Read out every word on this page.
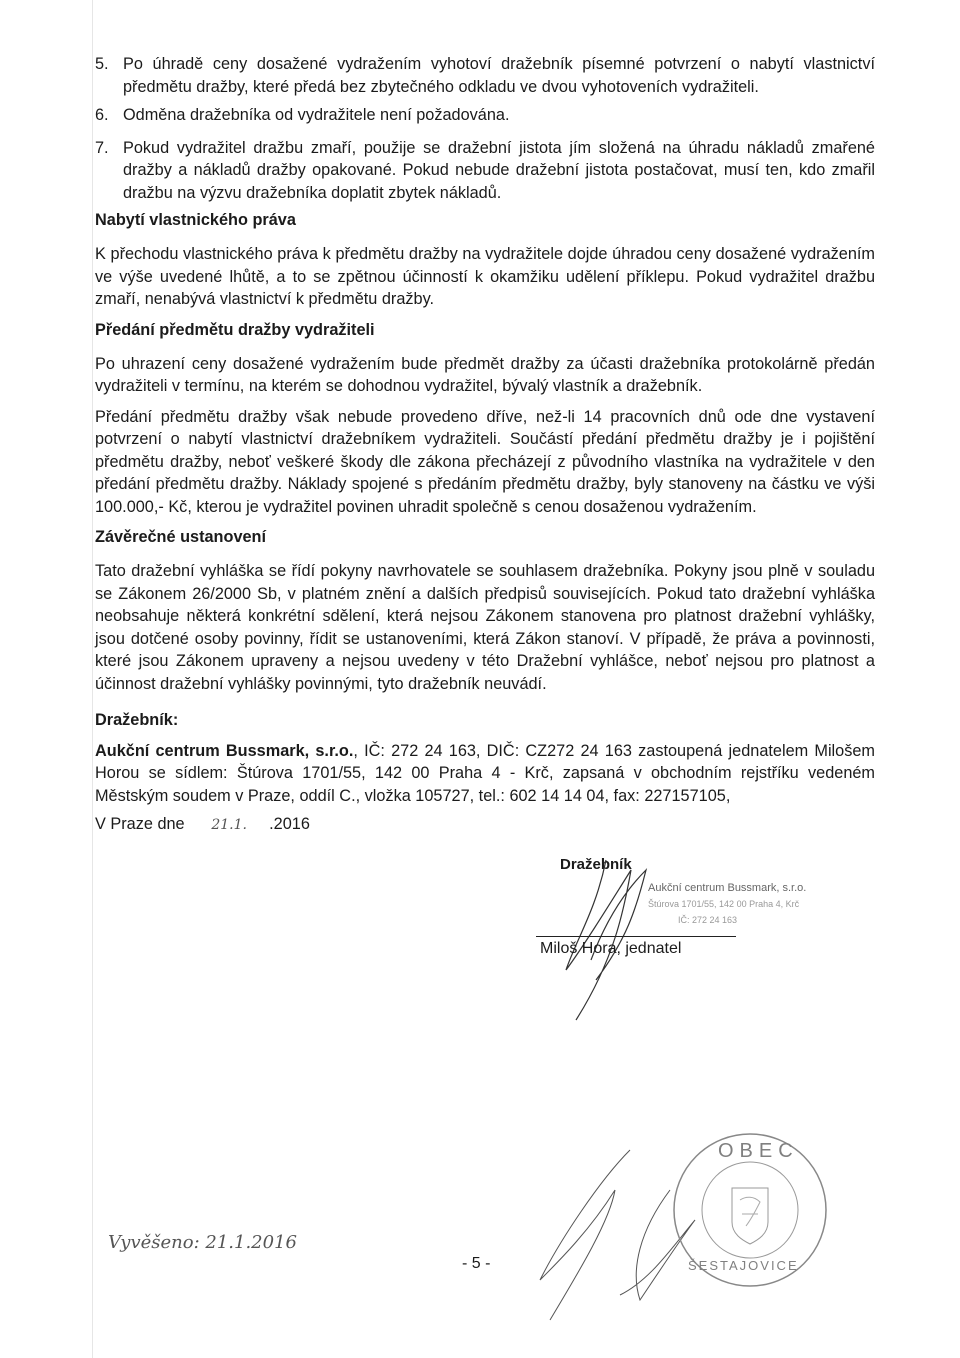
5. Po úhradě ceny dosažené vydražením vyhotoví dražebník písemné potvrzení o nabytí vlastnictví předmětu dražby, které předá bez zbytečného odkladu ve dvou vyhotoveních vydražiteli.
6. Odměna dražebníka od vydražitele není požadována.
7. Pokud vydražitel dražbu zmaří, použije se dražební jistota jím složená na úhradu nákladů zmařené dražby a nákladů dražby opakované. Pokud nebude dražební jistota postačovat, musí ten, kdo zmařil dražbu na výzvu dražebníka doplatit zbytek nákladů.
Nabytí vlastnického práva

K přechodu vlastnického práva k předmětu dražby na vydražitele dojde úhradou ceny dosažené vydražením ve výše uvedené lhůtě, a to se zpětnou účinností k okamžiku udělení příklepu. Pokud vydražitel dražbu zmaří, nenabývá vlastnictví k předmětu dražby.

Předání předmětu dražby vydražiteli

Po uhrazení ceny dosažené vydražením bude předmět dražby za účasti dražebníka protokolárně předán vydražiteli v termínu, na kterém se dohodnou vydražitel, bývalý vlastník a dražebník.

Předání předmětu dražby však nebude provedeno dříve, než-li 14 pracovních dnů ode dne vystavení potvrzení o nabytí vlastnictví dražebníkem vydražiteli. Součástí předání předmětu dražby je i pojištění předmětu dražby, neboť veškeré škody dle zákona přecházejí z původního vlastníka na vydražitele v den předání předmětu dražby. Náklady spojené s předáním předmětu dražby, byly stanoveny na částku ve výši 100.000,- Kč, kterou je vydražitel povinen uhradit společně s cenou dosaženou vydražením.

Závěrečné ustanovení

Tato dražební vyhláška se řídí pokyny navrhovatele se souhlasem dražebníka. Pokyny jsou plně v souladu se Zákonem 26/2000 Sb, v platném znění a dalších předpisů souvisejících. Pokud tato dražební vyhláška neobsahuje některá konkrétní sdělení, která nejsou Zákonem stanovena pro platnost dražební vyhlášky, jsou dotčené osoby povinny, řídit se ustanoveními, která Zákon stanoví. V případě, že práva a povinnosti, které jsou Zákonem upraveny a nejsou uvedeny v této Dražební vyhlášce, neboť nejsou pro platnost a účinnost dražební vyhlášky povinnými, tyto dražebník neuvádí.

Dražebník:
Aukční centrum Bussmark, s.r.o., IČ: 272 24 163, DIČ: CZ272 24 163 zastoupená jednatelem Milošem Horou se sídlem: Štúrova 1701/55, 142 00 Praha 4 - Krč, zapsaná v obchodním rejstříku vedeném Městským soudem v Praze, oddíl C., vložka 105727, tel.: 602 14 14 04, fax: 227157105,
V Praze dne 21.1. .2016
Dražebník
Aukční centrum Bussmark, s.r.o.
Štúrova 1701/55, 142 00 Praha 4, Krč
IČ: 272 24 163
Miloš Hora, jednatel
OBEC
ŠESTAJOVICE
Vyvěšeno: 21.1.2016
- 5 -
